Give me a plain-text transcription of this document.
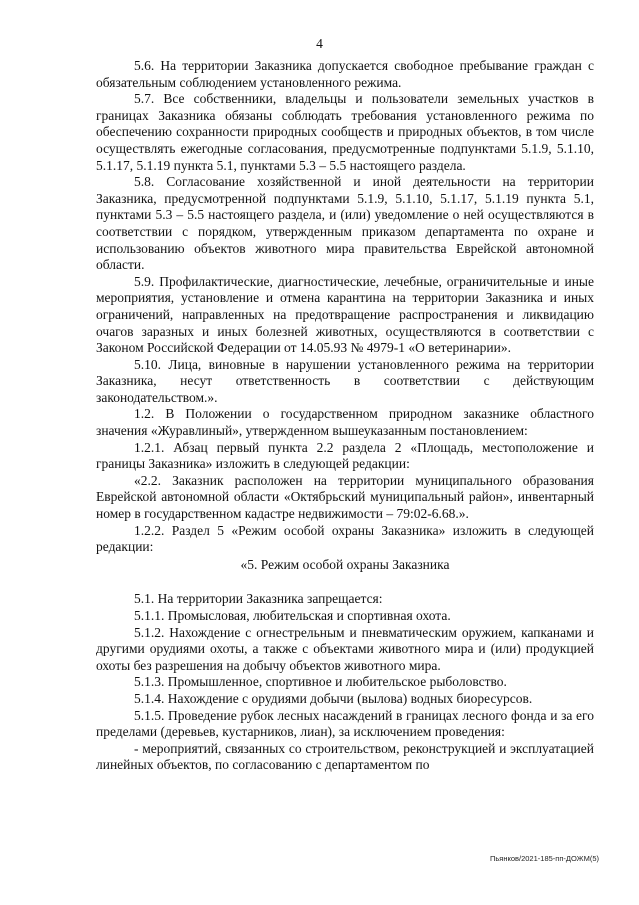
4

5.6. На территории Заказника допускается свободное пребывание граждан с обязательным соблюдением установленного режима.

5.7. Все собственники, владельцы и пользователи земельных участков в границах Заказника обязаны соблюдать требования установленного режима по обеспечению сохранности природных сообществ и природных объектов, в том числе осуществлять ежегодные согласования, предусмотренные подпунктами 5.1.9, 5.1.10, 5.1.17, 5.1.19 пункта 5.1, пунктами 5.3 – 5.5 настоящего раздела.

5.8. Согласование хозяйственной и иной деятельности на территории Заказника, предусмотренной подпунктами 5.1.9, 5.1.10, 5.1.17, 5.1.19 пункта 5.1, пунктами 5.3 – 5.5 настоящего раздела, и (или) уведомление о ней осуществляются в соответствии с порядком, утвержденным приказом департамента по охране и использованию объектов животного мира правительства Еврейской автономной области.

5.9. Профилактические, диагностические, лечебные, ограничительные и иные мероприятия, установление и отмена карантина на территории Заказника и иных ограничений, направленных на предотвращение распространения и ликвидацию очагов заразных и иных болезней животных, осуществляются в соответствии с Законом Российской Федерации от 14.05.93 № 4979-1 «О ветеринарии».

5.10. Лица, виновные в нарушении установленного режима на территории Заказника, несут ответственность в соответствии с действующим законодательством.».

1.2. В Положении о государственном природном заказнике областного значения «Журавлиный», утвержденном вышеуказанным постановлением:

1.2.1. Абзац первый пункта 2.2 раздела 2 «Площадь, местоположение и границы Заказника» изложить в следующей редакции:

«2.2. Заказник расположен на территории муниципального образования Еврейской автономной области «Октябрьский муниципальный район», инвентарный номер в государственном кадастре недвижимости – 79:02-6.68.».

1.2.2. Раздел 5 «Режим особой охраны Заказника» изложить в следующей редакции:

«5. Режим особой охраны Заказника

5.1. На территории Заказника запрещается:

5.1.1. Промысловая, любительская и спортивная охота.

5.1.2. Нахождение с огнестрельным и пневматическим оружием, капканами и другими орудиями охоты, а также с объектами животного мира и (или) продукцией охоты без разрешения на добычу объектов животного мира.

5.1.3. Промышленное, спортивное и любительское рыболовство.

5.1.4. Нахождение с орудиями добычи (вылова) водных биоресурсов.

5.1.5. Проведение рубок лесных насаждений в границах лесного фонда и за его пределами (деревьев, кустарников, лиан), за исключением проведения:

- мероприятий, связанных со строительством, реконструкцией и эксплуатацией линейных объектов, по согласованию с департаментом по

Пьянков/2021-185-пп-ДОЖМ(5)
